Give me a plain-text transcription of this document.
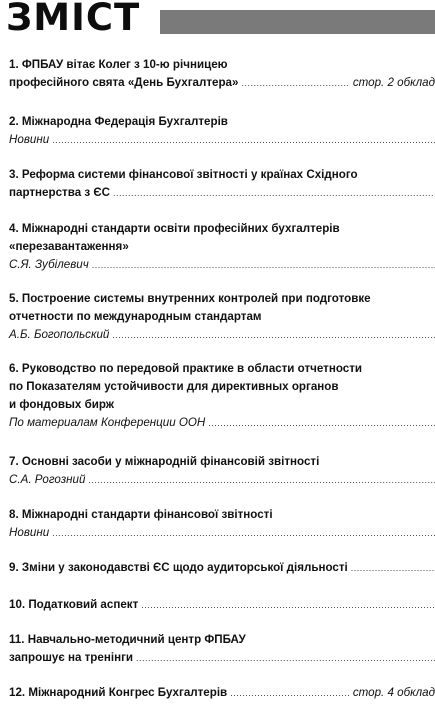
ЗМІСТ
1. ФПБАУ вітає Колег з 10-ю річницею
професійного свята «День Бухгалтера» .....	стор. 2 обклад
2. Міжнародна Федерація Бухгалтерів
Новини
.....
3. Реформа системи фінансової звітності у країнах Східного
партнерства з ЄС
.....
4. Міжнародні стандарти освіти професійних бухгалтерів
«перезавантаження»
С.Я. Зубілевич
.....
5. Построение системы внутренних контролей при подготовке
отчетности по международным стандартам
А.Б. Богопольский
.....
6. Руководство по передовой практике в области отчетности
по Показателям устойчивости для директивных органов
и фондовых бирж
По материалам Конференции ООН
.....
7. Основні засоби у міжнародній фінансовій звітності
С.А. Рогозний
.....
8. Міжнародні стандарти фінансової звітності
Новини
.....
9. Зміни у законодавстві ЄС щодо аудиторської діяльності
.....
10. Податковий аспект
.....
11. Навчально-методичний центр ФПБАУ
запрошує на тренінги
.....
12. Міжнародний Конгрес Бухгалтерів .....	стор. 4 обклад
